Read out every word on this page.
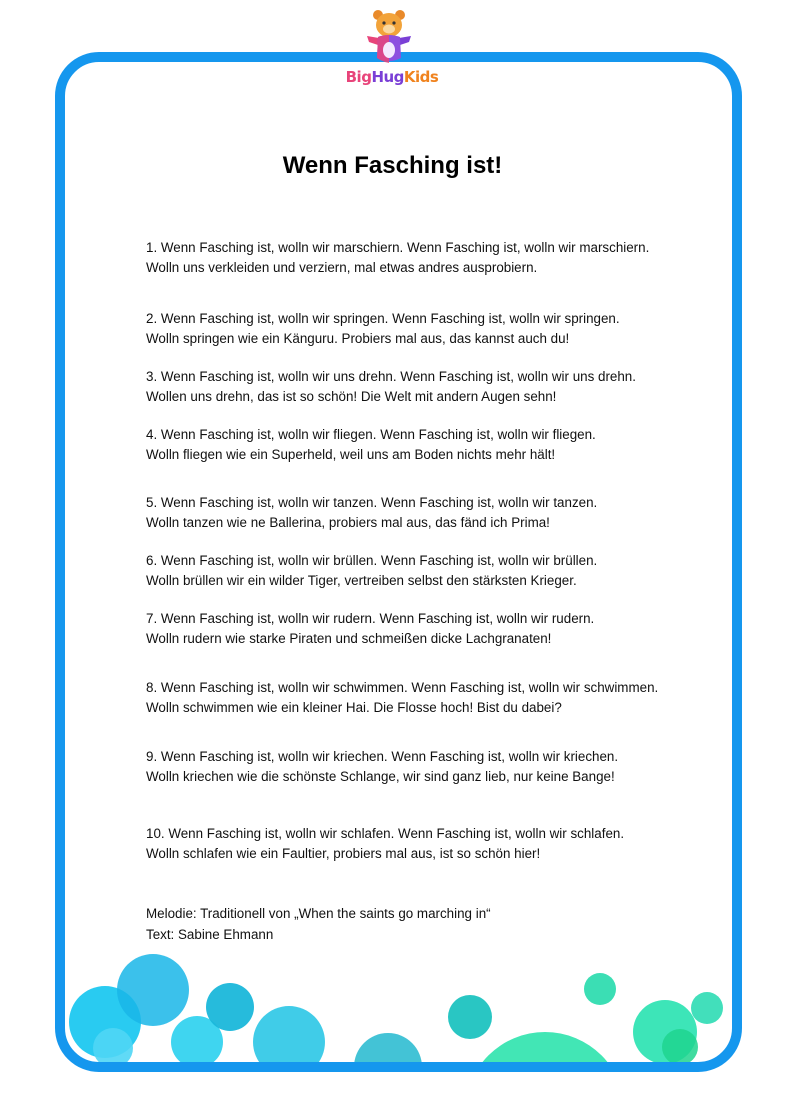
BigHugKids
Wenn Fasching ist!

1. Wenn Fasching ist, wolln wir marschiern. Wenn Fasching ist, wolln wir marschiern.

Wolln uns verkleiden und verziern, mal etwas andres ausprobiern.

2. Wenn Fasching ist, wolln wir springen. Wenn Fasching ist, wolln wir springen.

Wolln springen wie ein Känguru. Probiers mal aus, das kannst auch du!

3. Wenn Fasching ist, wolln wir uns drehn. Wenn Fasching ist, wolln wir uns drehn.

Wollen uns drehn, das ist so schön! Die Welt mit andern Augen sehn!

4. Wenn Fasching ist, wolln wir fliegen. Wenn Fasching ist, wolln wir fliegen.

Wolln fliegen wie ein Superheld, weil uns am Boden nichts mehr hält!

5. Wenn Fasching ist, wolln wir tanzen. Wenn Fasching ist, wolln wir tanzen.

Wolln tanzen wie ne Ballerina, probiers mal aus, das fänd ich Prima!

6. Wenn Fasching ist, wolln wir brüllen. Wenn Fasching ist, wolln wir brüllen.

Wolln brüllen wir ein wilder Tiger, vertreiben selbst den stärksten Krieger.

7. Wenn Fasching ist, wolln wir rudern. Wenn Fasching ist, wolln wir rudern.

Wolln rudern wie starke Piraten und schmeißen dicke Lachgranaten!

8. Wenn Fasching ist, wolln wir schwimmen. Wenn Fasching ist, wolln wir schwimmen.

Wolln schwimmen wie ein kleiner Hai. Die Flosse hoch! Bist du dabei?

9. Wenn Fasching ist, wolln wir kriechen. Wenn Fasching ist, wolln wir kriechen.

Wolln kriechen wie die schönste Schlange, wir sind ganz lieb, nur keine Bange!

10. Wenn Fasching ist, wolln wir schlafen. Wenn Fasching ist, wolln wir schlafen.

Wolln schlafen wie ein Faultier, probiers mal aus, ist so schön hier!

Melodie: Traditionell von „When the saints go marching in“

Text: Sabine Ehmann
